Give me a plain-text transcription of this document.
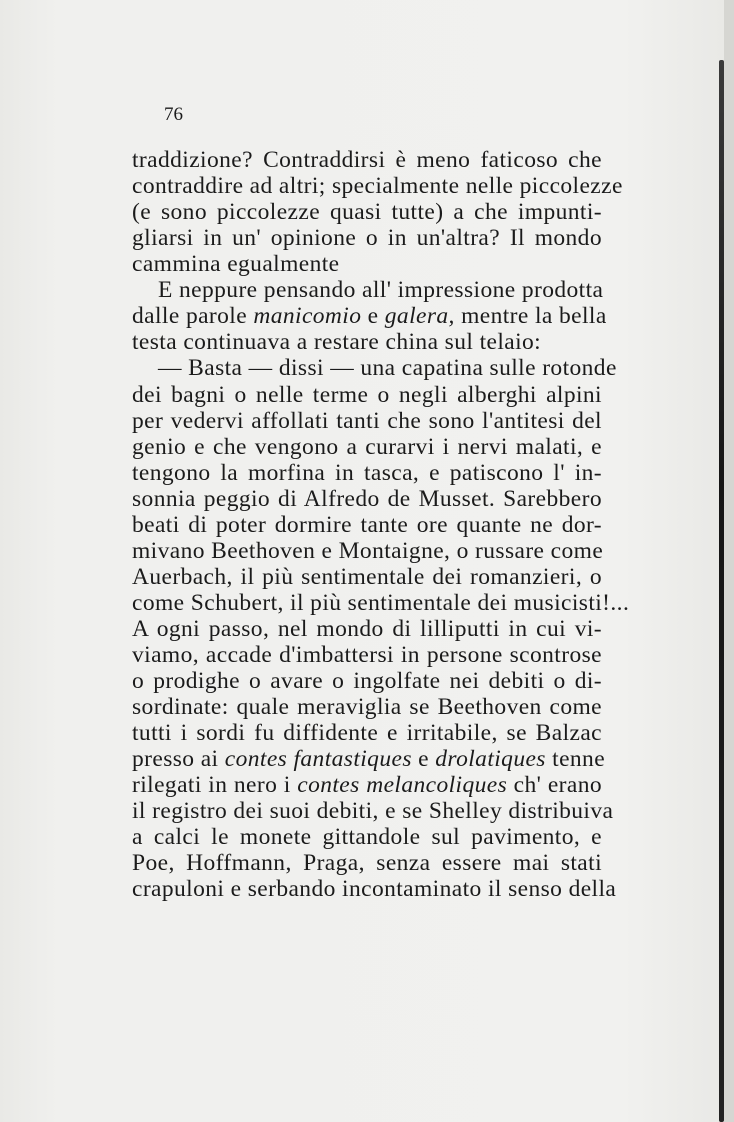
76
traddizione? Contraddirsi è meno faticoso che
contraddire ad altri; specialmente nelle piccolezze
(e sono piccolezze quasi tutte) a che impunti-
gliarsi in un' opinione o in un'altra? Il mondo
cammina egualmente
E neppure pensando all' impressione prodotta
dalle parole manicomio e galera, mentre la bella
testa continuava a restare china sul telaio:
— Basta — dissi — una capatina sulle rotonde
dei bagni o nelle terme o negli alberghi alpini
per vedervi affollati tanti che sono l'antitesi del
genio e che vengono a curarvi i nervi malati, e
tengono la morfina in tasca, e patiscono l' in-
sonnia peggio di Alfredo de Musset. Sarebbero
beati di poter dormire tante ore quante ne dor-
mivano Beethoven e Montaigne, o russare come
Auerbach, il più sentimentale dei romanzieri, o
come Schubert, il più sentimentale dei musicisti!...
A ogni passo, nel mondo di lilliputti in cui vi-
viamo, accade d'imbattersi in persone scontrose
o prodighe o avare o ingolfate nei debiti o di-
sordinate: quale meraviglia se Beethoven come
tutti i sordi fu diffidente e irritabile, se Balzac
presso ai contes fantastiques e drolatiques tenne
rilegati in nero i contes melancoliques ch' erano
il registro dei suoi debiti, e se Shelley distribuiva
a calci le monete gittandole sul pavimento, e
Poe, Hoffmann, Praga, senza essere mai stati
crapuloni e serbando incontaminato il senso della
